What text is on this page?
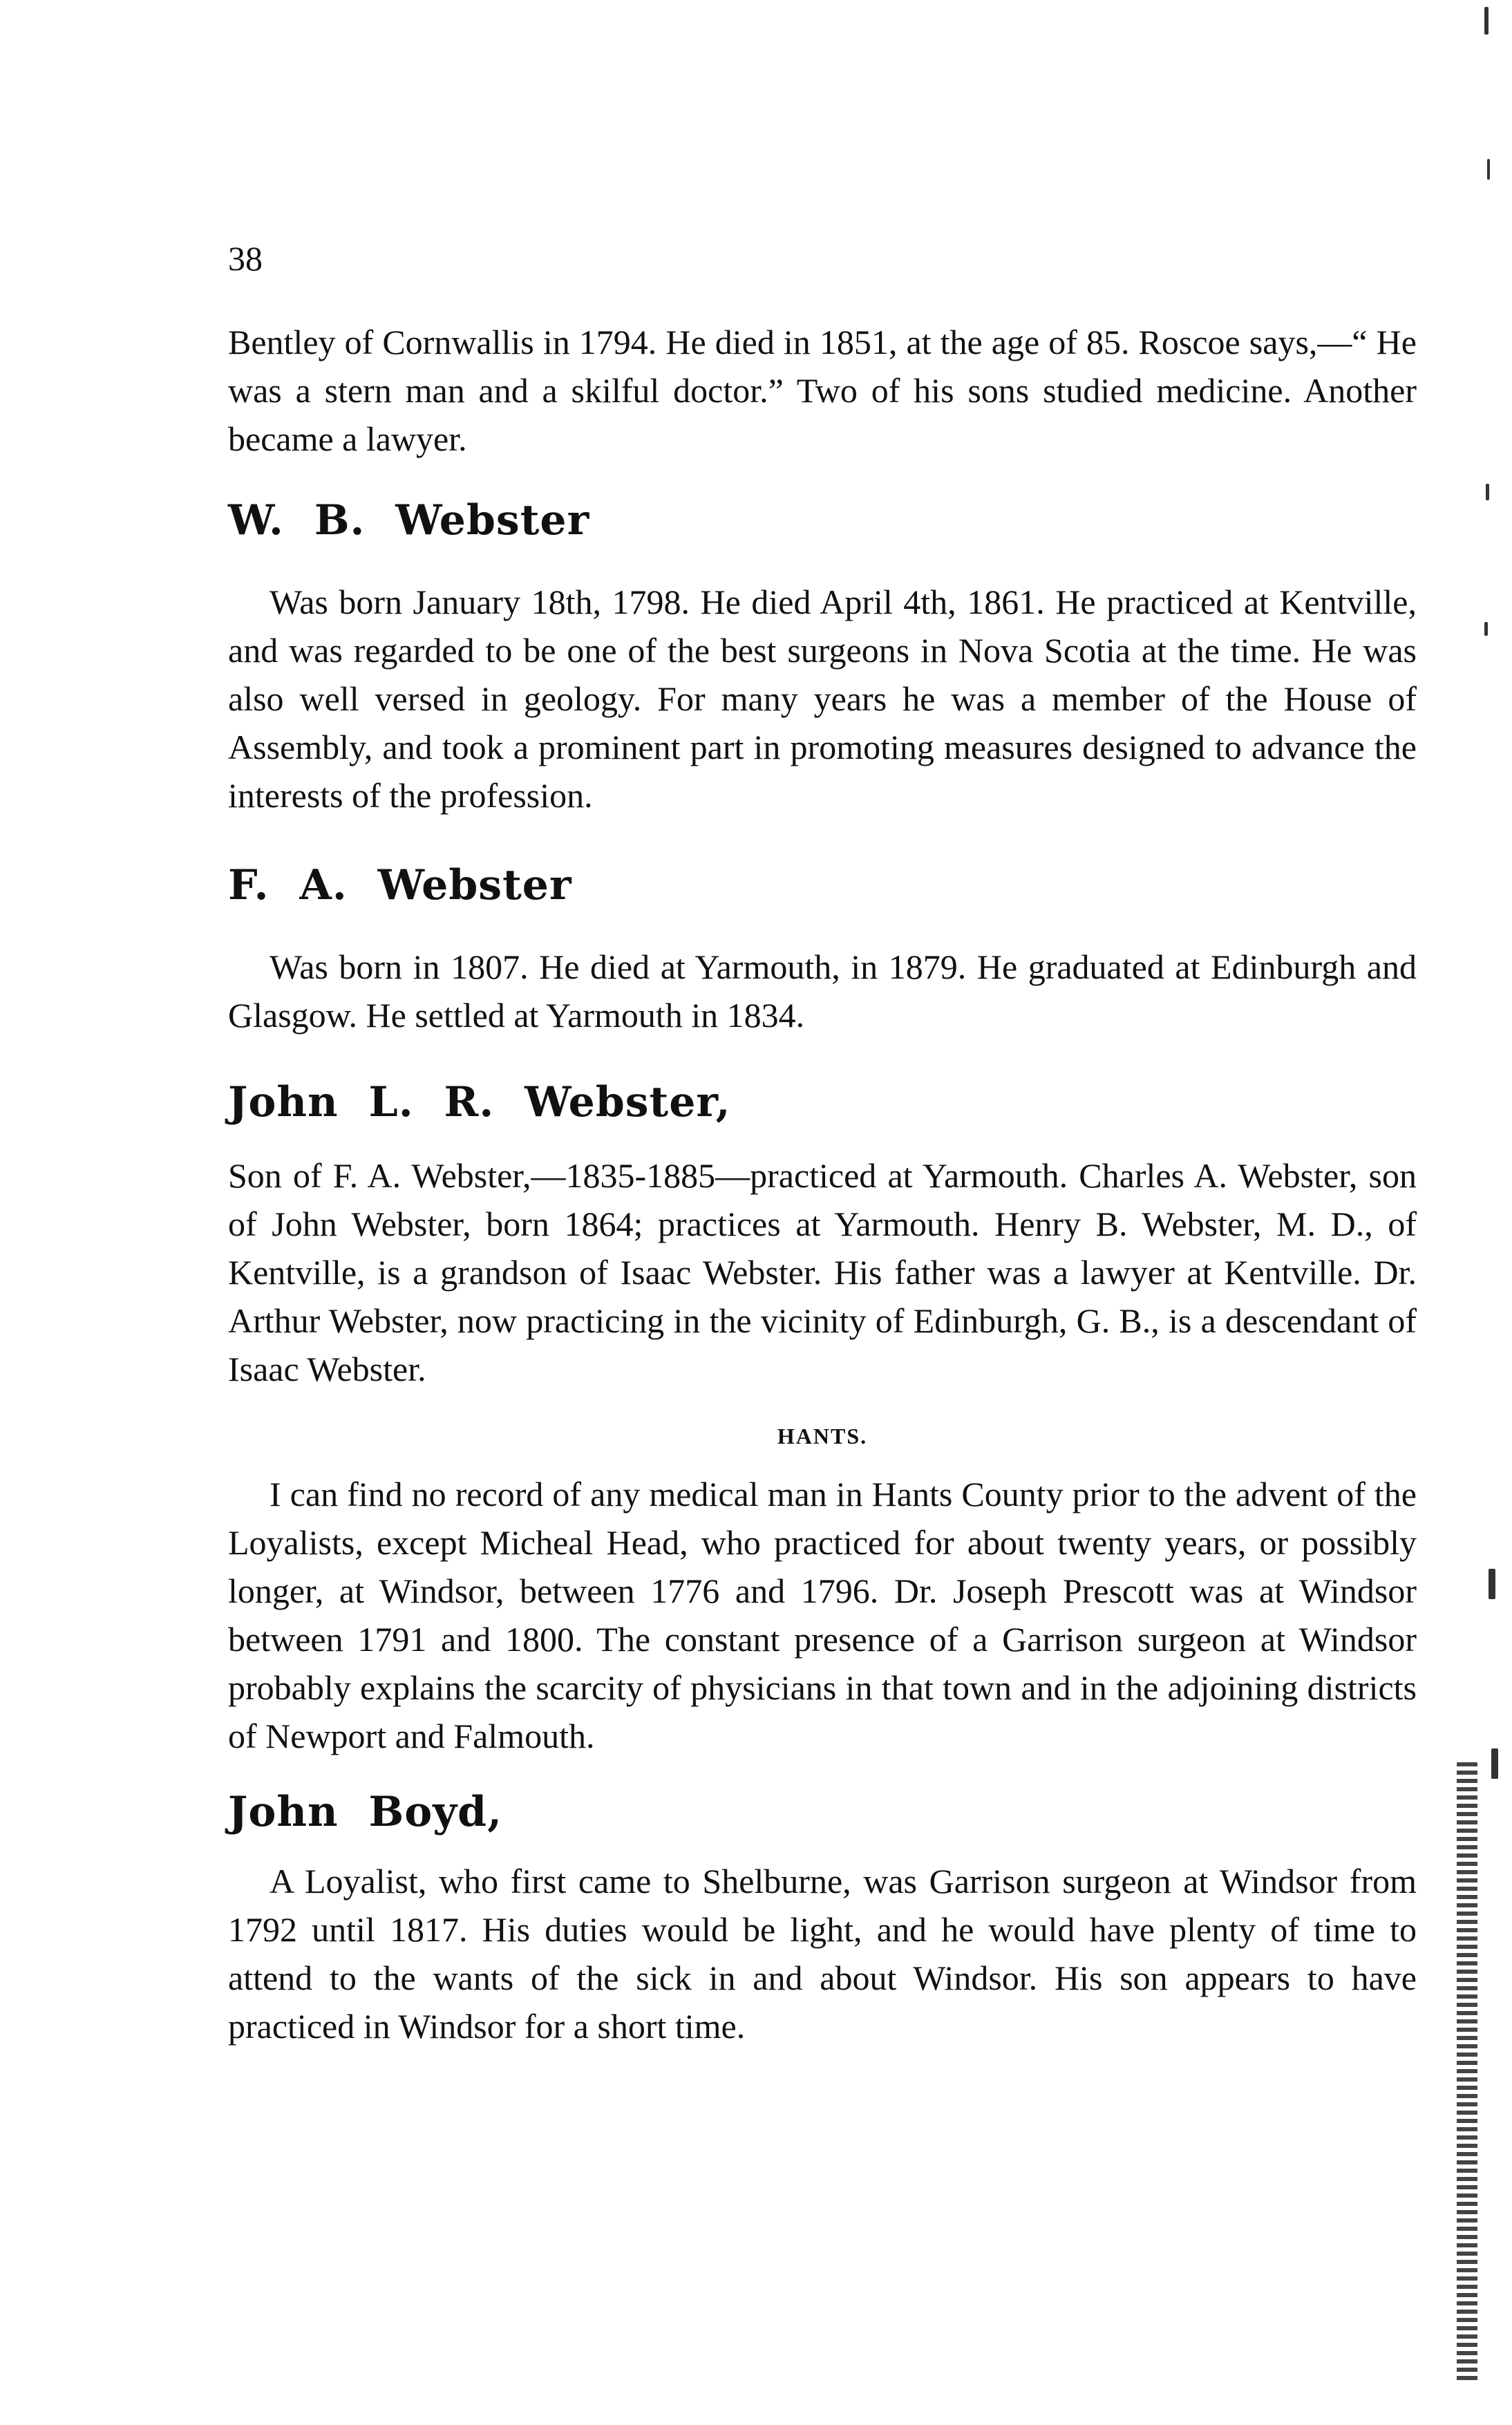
38

Bentley of Cornwallis in 1794. He died in 1851, at the age of 85. Roscoe says,—“ He was a stern man and a skilful doctor.” Two of his sons studied medicine. Another became a lawyer.

W. B. Webster

Was born January 18th, 1798. He died April 4th, 1861. He practiced at Kentville, and was regarded to be one of the best surgeons in Nova Scotia at the time. He was also well versed in geology. For many years he was a member of the House of Assembly, and took a prominent part in promoting measures designed to advance the interests of the profession.

F. A. Webster

Was born in 1807. He died at Yarmouth, in 1879. He graduated at Edinburgh and Glasgow. He settled at Yarmouth in 1834.

John L. R. Webster,

Son of F. A. Webster,—1835-1885—practiced at Yarmouth. Charles A. Webster, son of John Webster, born 1864; practices at Yarmouth. Henry B. Webster, M. D., of Kentville, is a grandson of Isaac Webster. His father was a lawyer at Kentville. Dr. Arthur Webster, now practicing in the vicinity of Edinburgh, G. B., is a descendant of Isaac Webster.

HANTS.

I can find no record of any medical man in Hants County prior to the advent of the Loyalists, except Micheal Head, who practiced for about twenty years, or possibly longer, at Windsor, between 1776 and 1796. Dr. Joseph Prescott was at Windsor between 1791 and 1800. The constant presence of a Garrison surgeon at Windsor probably explains the scarcity of physicians in that town and in the adjoining districts of Newport and Falmouth.

John Boyd,

A Loyalist, who first came to Shelburne, was Garrison surgeon at Windsor from 1792 until 1817. His duties would be light, and he would have plenty of time to attend to the wants of the sick in and about Windsor. His son appears to have practiced in Windsor for a short time.
